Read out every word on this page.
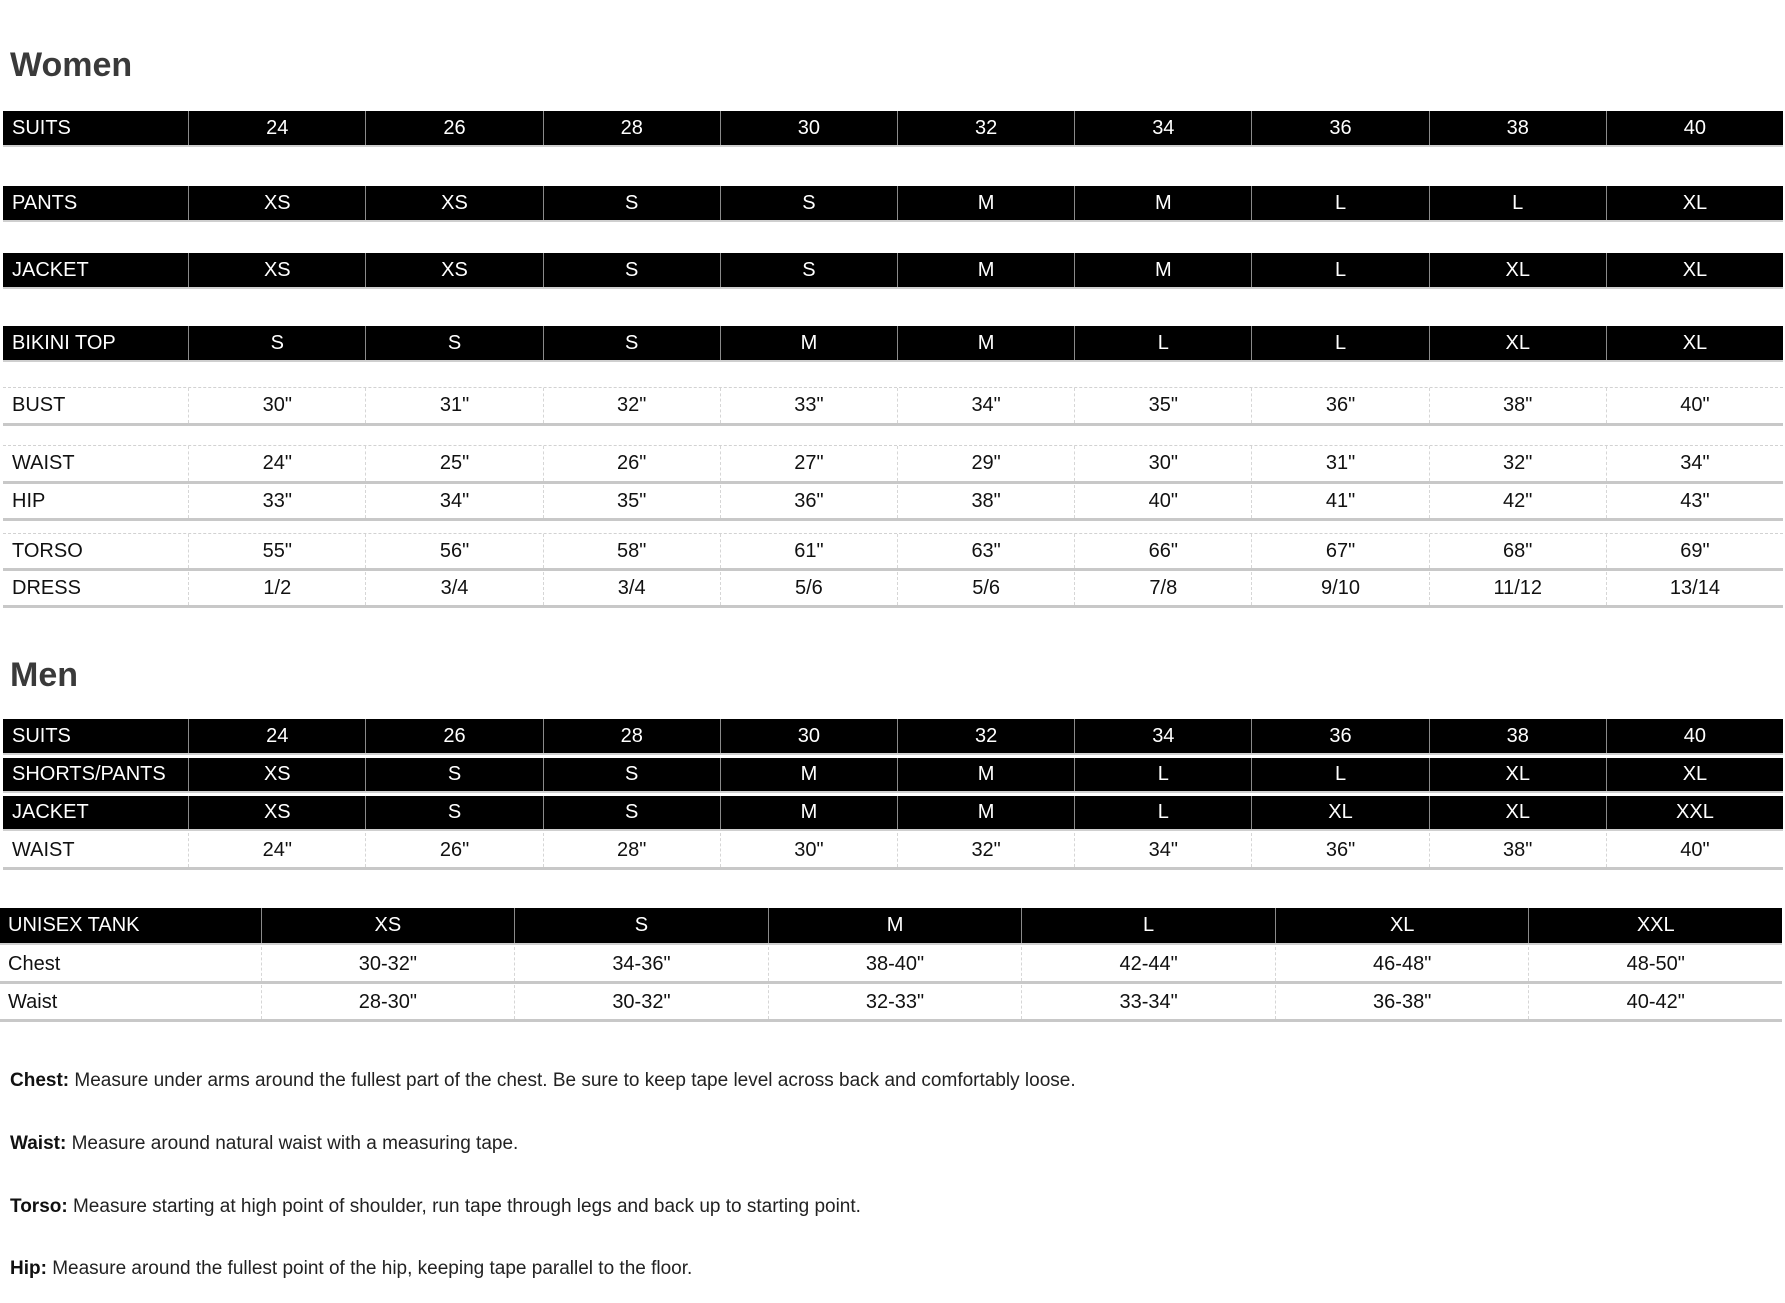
Women
SUITS	24	26	28	30	32	34	36	38	40
PANTS	XS	XS	S	S	M	M	L	L	XL
JACKET	XS	XS	S	S	M	M	L	XL	XL
BIKINI TOP	S	S	S	M	M	L	L	XL	XL
BUST	30"	31"	32"	33"	34"	35"	36"	38"	40"
WAIST	24"	25"	26"	27"	29"	30"	31"	32"	34"
HIP	33"	34"	35"	36"	38"	40"	41"	42"	43"
TORSO	55"	56"	58"	61"	63"	66"	67"	68"	69"
DRESS	1/2	3/4	3/4	5/6	5/6	7/8	9/10	11/12	13/14
Men
SUITS	24	26	28	30	32	34	36	38	40
SHORTS/PANTS	XS	S	S	M	M	L	L	XL	XL
JACKET	XS	S	S	M	M	L	XL	XL	XXL
WAIST	24"	26"	28"	30"	32"	34"	36"	38"	40"
UNISEX TANK	XS	S	M	L	XL	XXL
Chest	30-32"	34-36"	38-40"	42-44"	46-48"	48-50"
Waist	28-30"	30-32"	32-33"	33-34"	36-38"	40-42"

Chest: Measure under arms around the fullest part of the chest. Be sure to keep tape level across back and comfortably loose.

Waist: Measure around natural waist with a measuring tape.

Torso: Measure starting at high point of shoulder, run tape through legs and back up to starting point.

Hip: Measure around the fullest point of the hip, keeping tape parallel to the floor.
